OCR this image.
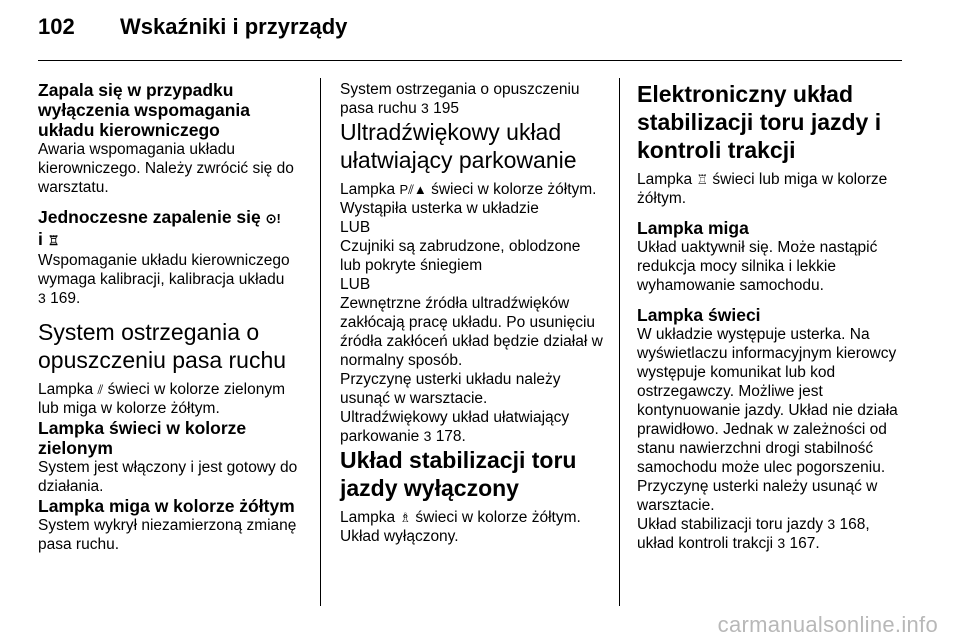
102	Wskaźniki i przyrządy
Zapala się w przypadku wyłączenia wspomagania układu kierowniczego
Awaria wspomagania układu kierowniczego. Należy zwrócić się do warsztatu.
Jednoczesne zapalenie się ⊙!
i ♖
Wspomaganie układu kierowniczego wymaga kalibracji, kalibracja układu
3 169.
System ostrzegania o opuszczeniu pasa ruchu
Lampka ⫽ świeci w kolorze zielonym lub miga w kolorze żółtym.
Lampka świeci w kolorze zielonym
System jest włączony i jest gotowy do działania.
Lampka miga w kolorze żółtym
System wykrył niezamierzoną zmianę pasa ruchu.
System ostrzegania o opuszczeniu pasa ruchu 3 195
Ultradźwiękowy układ ułatwiający parkowanie
Lampka P⫽▲ świeci w kolorze żółtym.
Wystąpiła usterka w układzie
LUB
Czujniki są zabrudzone, oblodzone lub pokryte śniegiem
LUB
Zewnętrzne źródła ultradźwięków zakłócają pracę układu. Po usunięciu źródła zakłóceń układ będzie działał w normalny sposób.
Przyczynę usterki układu należy usunąć w warsztacie.
Ultradźwiękowy układ ułatwiający parkowanie 3 178.
Układ stabilizacji toru jazdy wyłączony
Lampka ♗ świeci w kolorze żółtym.
Układ wyłączony.
Elektroniczny układ stabilizacji toru jazdy i kontroli trakcji
Lampka ♖ świeci lub miga w kolorze żółtym.
Lampka miga
Układ uaktywnił się. Może nastąpić redukcja mocy silnika i lekkie wyhamowanie samochodu.
Lampka świeci
W układzie występuje usterka. Na wyświetlaczu informacyjnym kierowcy występuje komunikat lub kod ostrzegawczy. Możliwe jest kontynuowanie jazdy. Układ nie działa prawidłowo. Jednak w zależności od stanu nawierzchni drogi stabilność samochodu może ulec pogorszeniu.
Przyczynę usterki należy usunąć w warsztacie.
Układ stabilizacji toru jazdy 3 168,
układ kontroli trakcji 3 167.
carmanualsonline.info
